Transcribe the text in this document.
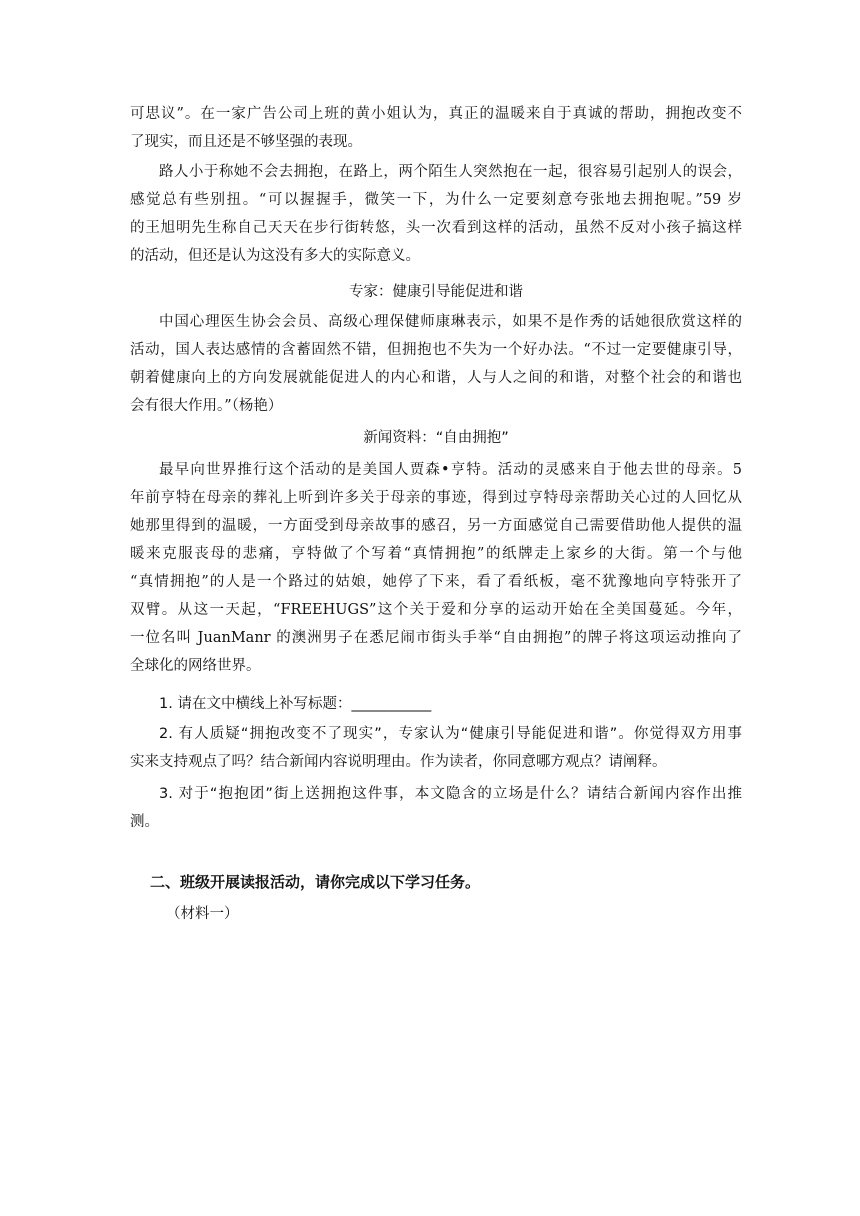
可思议”。在一家广告公司上班的黄小姐认为，真正的温暖来自于真诚的帮助，拥抱改变不
了现实，而且还是不够坚强的表现。
路人小于称她不会去拥抱，在路上，两个陌生人突然抱在一起，很容易引起别人的误会，
感觉总有些别扭。“可以握握手，微笑一下，为什么一定要刻意夸张地去拥抱呢。”59 岁
的王旭明先生称自己天天在步行街转悠，头一次看到这样的活动，虽然不反对小孩子搞这样
的活动，但还是认为这没有多大的实际意义。
专家：健康引导能促进和谐
中国心理医生协会会员、高级心理保健师康琳表示，如果不是作秀的话她很欣赏这样的
活动，国人表达感情的含蓄固然不错，但拥抱也不失为一个好办法。“不过一定要健康引导，
朝着健康向上的方向发展就能促进人的内心和谐，人与人之间的和谐，对整个社会的和谐也
会有很大作用。”（杨艳）
新闻资料：“自由拥抱”
最早向世界推行这个活动的是美国人贾森•亨特。活动的灵感来自于他去世的母亲。5
年前亨特在母亲的葬礼上听到许多关于母亲的事迹，得到过亨特母亲帮助关心过的人回忆从
她那里得到的温暖，一方面受到母亲故事的感召，另一方面感觉自己需要借助他人提供的温
暖来克服丧母的悲痛，亨特做了个写着“真情拥抱”的纸牌走上家乡的大街。第一个与他
“真情拥抱”的人是一个路过的姑娘，她停了下来，看了看纸板，毫不犹豫地向亨特张开了
双臂。从这一天起，“FREEHUGS”这个关于爱和分享的运动开始在全美国蔓延。今年，
一位名叫 JuanManr 的澳洲男子在悉尼闹市街头手举“自由拥抱”的牌子将这项运动推向了
全球化的网络世界。
1. 请在文中横线上补写标题：___________
2. 有人质疑“拥抱改变不了现实”，专家认为“健康引导能促进和谐”。你觉得双方用事
实来支持观点了吗？结合新闻内容说明理由。作为读者，你同意哪方观点？请阐释。
3. 对于“抱抱团”街上送拥抱这件事，本文隐含的立场是什么？请结合新闻内容作出推
测。
二、班级开展读报活动，请你完成以下学习任务。
（材料一）
